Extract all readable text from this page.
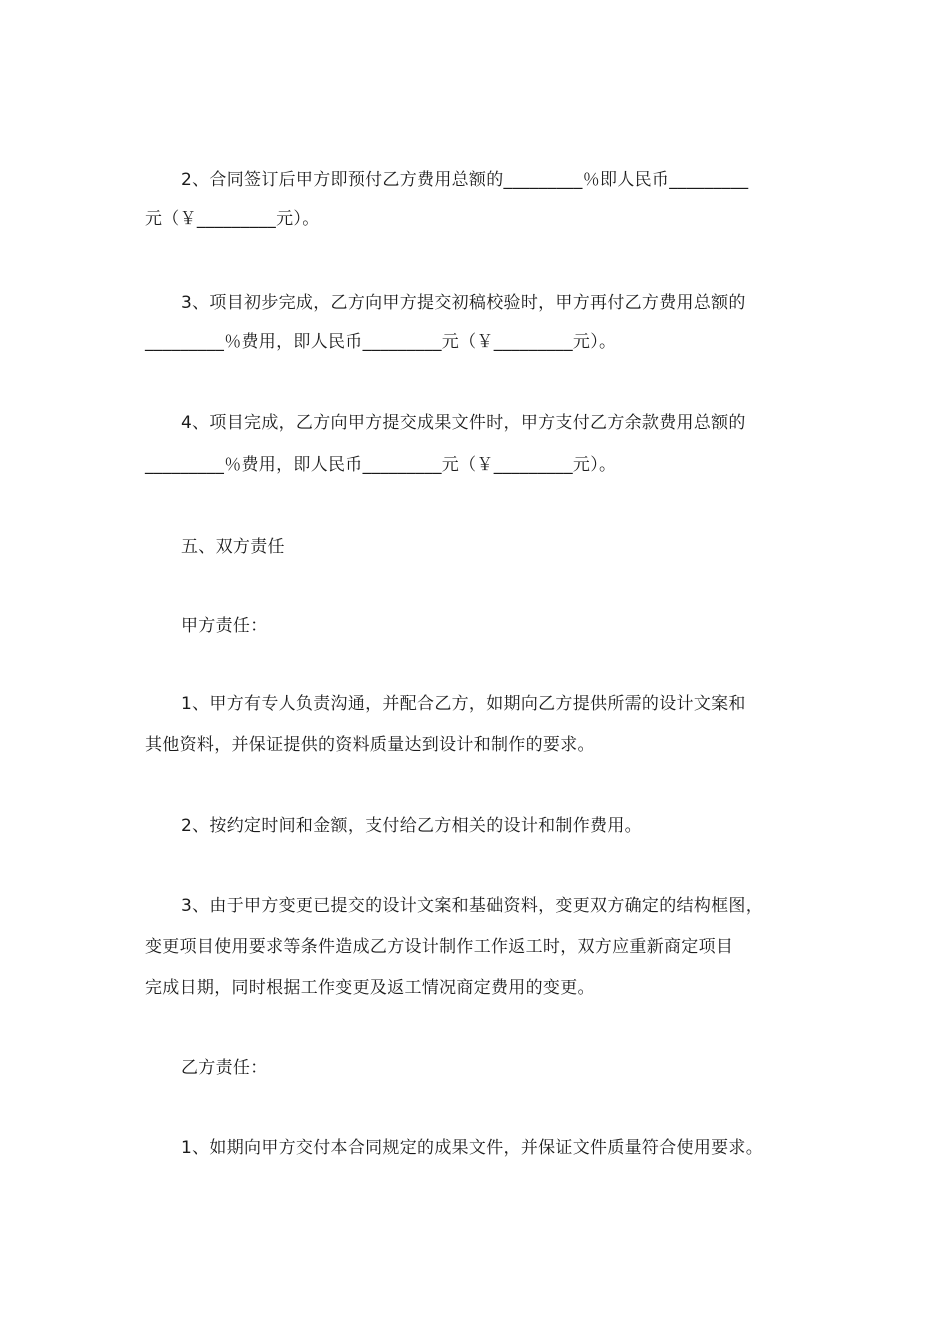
2、合同签订后甲方即预付乙方费用总额的_________％即人民币_________
元（￥_________元）。
3、项目初步完成，乙方向甲方提交初稿校验时，甲方再付乙方费用总额的
_________％费用，即人民币_________元（￥_________元）。
4、项目完成，乙方向甲方提交成果文件时，甲方支付乙方余款费用总额的
_________％费用，即人民币_________元（￥_________元）。
五、双方责任
甲方责任：
1、甲方有专人负责沟通，并配合乙方，如期向乙方提供所需的设计文案和
其他资料，并保证提供的资料质量达到设计和制作的要求。
2、按约定时间和金额，支付给乙方相关的设计和制作费用。
3、由于甲方变更已提交的设计文案和基础资料，变更双方确定的结构框图，
变更项目使用要求等条件造成乙方设计制作工作返工时，双方应重新商定项目
完成日期，同时根据工作变更及返工情况商定费用的变更。
乙方责任：
1、如期向甲方交付本合同规定的成果文件，并保证文件质量符合使用要求。
